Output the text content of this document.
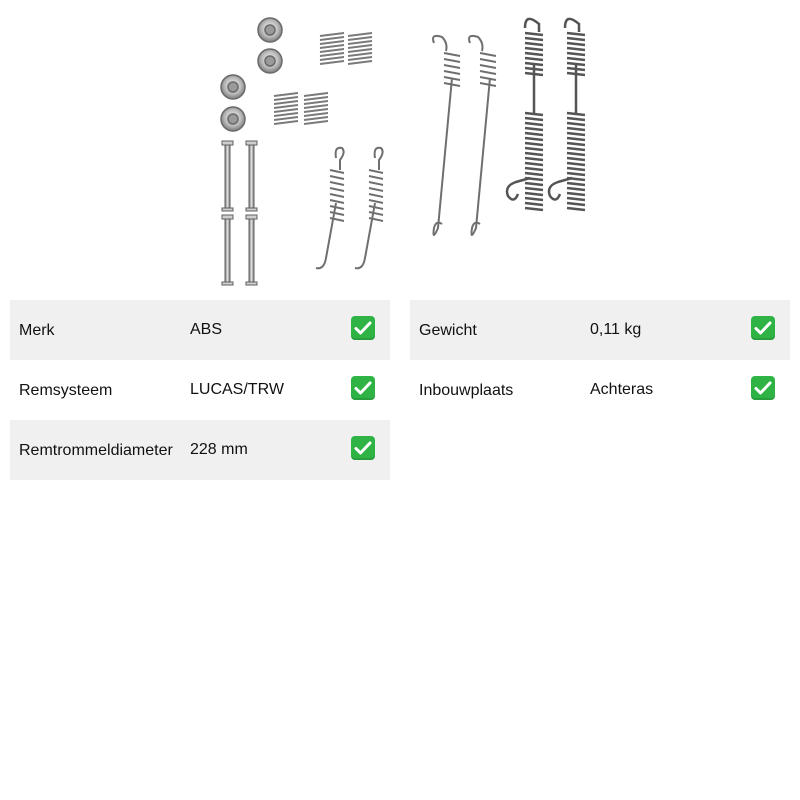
Merk	ABS
Remsysteem	LUCAS/TRW
Remtrommeldiameter 228 mm
Gewicht	0,11 kg
Inbouwplaats	Achteras
